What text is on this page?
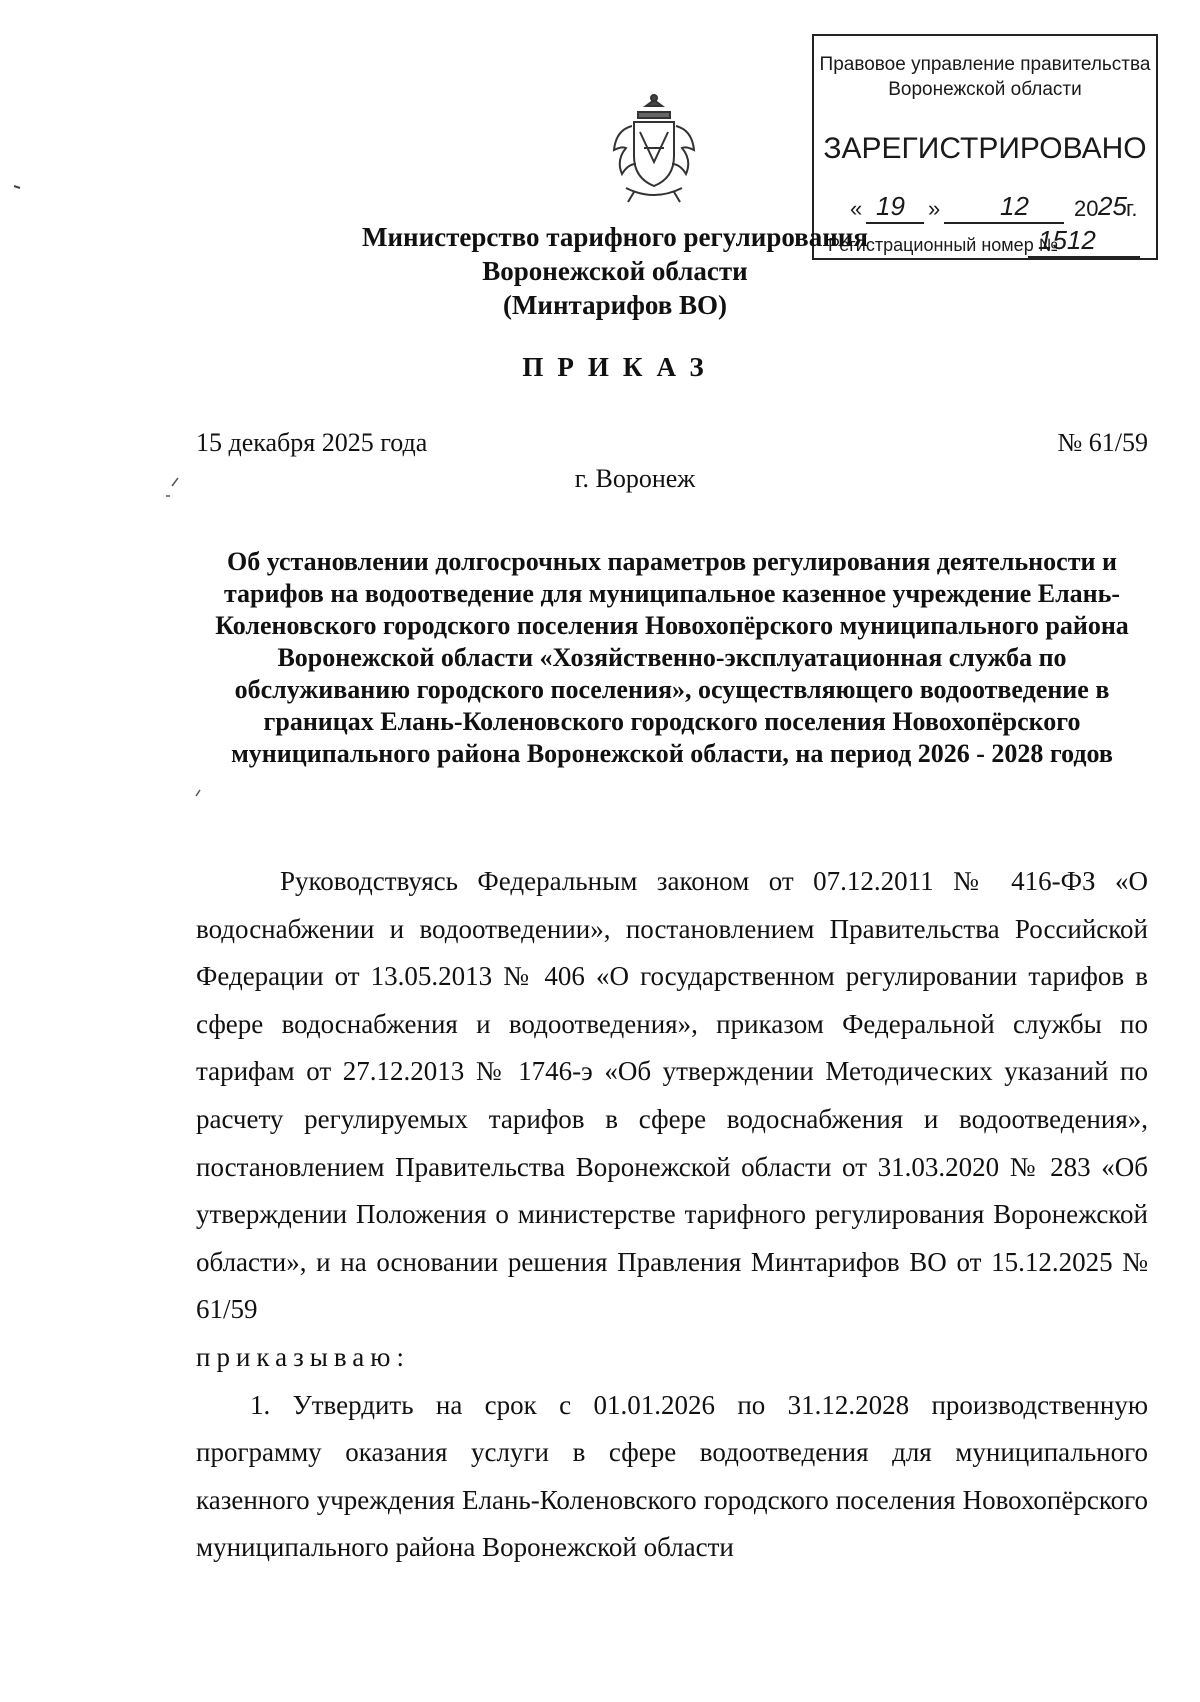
Правовое управление правительства
Воронежской области
ЗАРЕГИСТРИРОВАНО
« 19 » 12 20 25 г.
Регистрационный номер №
1512
Министерство тарифного регулирования
Воронежской области
(Минтарифов ВО)
ПРИКАЗ
15 декабря 2025 года	№ 61/59
г. Воронеж
Об установлении долгосрочных параметров регулирования деятельности и тарифов на водоотведение для муниципальное казенное учреждение Елань-Коленовского городского поселения Новохопёрского муниципального района Воронежской области «Хозяйственно-эксплуатационная служба по обслуживанию городского поселения», осуществляющего водоотведение в границах Елань-Коленовского городского поселения Новохопёрского муниципального района Воронежской области, на период 2026 - 2028 годов

Руководствуясь Федеральным законом от 07.12.2011 № 416-ФЗ «О водоснабжении и водоотведении», постановлением Правительства Российской Федерации от 13.05.2013 № 406 «О государственном регулировании тарифов в сфере водоснабжения и водоотведения», приказом Федеральной службы по тарифам от 27.12.2013 № 1746-э «Об утверждении Методических указаний по расчету регулируемых тарифов в сфере водоснабжения и водоотведения», постановлением Правительства Воронежской области от 31.03.2020 № 283 «Об утверждении Положения о министерстве тарифного регулирования Воронежской области», и на основании решения Правления Минтарифов ВО от 15.12.2025 № 61/59

приказываю:

1. Утвердить на срок с 01.01.2026 по 31.12.2028 производственную программу оказания услуги в сфере водоотведения для муниципального казенного учреждения Елань-Коленовского городского поселения Новохопёрского муниципального района Воронежской области
